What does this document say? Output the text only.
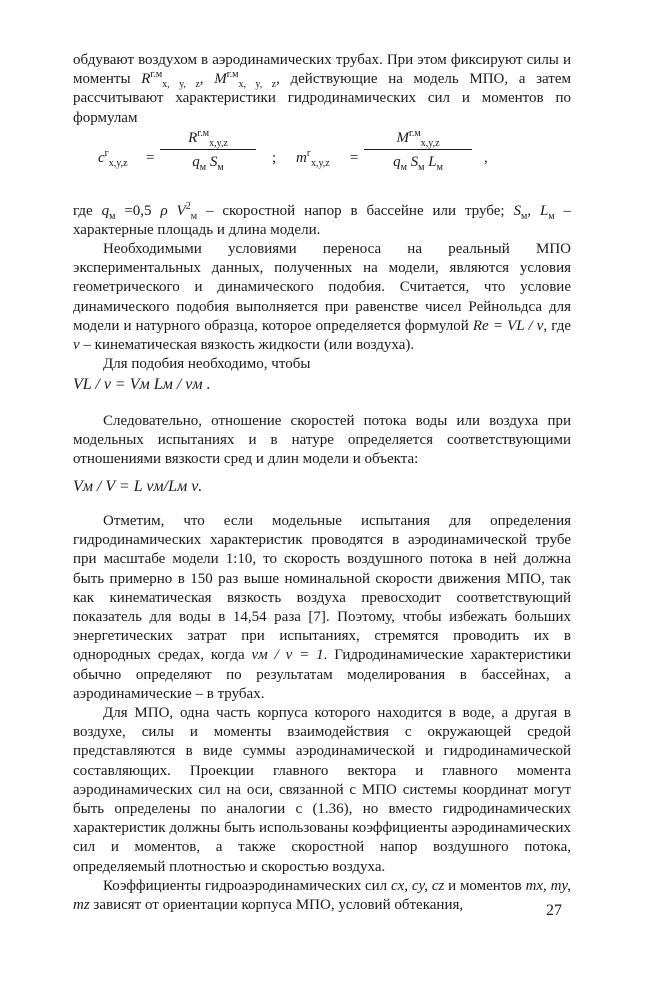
обдувают воздухом в аэродинамических трубах. При этом фиксируют силы и моменты $R^{г.м}_{x, y, z}$, $M^{г.м}_{x, y, z}$, действующие на модель МПО, а затем рассчитывают характеристики гидродинамических сил и моментов по формулам

$c^г_{x,y,z}$ =
$R^{г.м}_{x,y,z}$
$q_м$ $S_м$
; $m^г_{x,y,z}$ =
$M^{г.м}_{x,y,z}$
$q_м$ $S_м$ $L_м$
,

где $q_м =0,5$ ρ $V^2_м$ – скоростной напор в бассейне или трубе; $S_м$, $L_м$ – характерные площадь и длина модели.

Необходимыми условиями переноса на реальный МПО экспериментальных данных, полученных на модели, являются условия геометрического и динамического подобия. Считается, что условие динамического подобия выполняется при равенстве чисел Рейнольдса для модели и натурного образца, которое определяется формулой Re = VL / ν, где ν – кинематическая вязкость жидкости (или воздуха).

Для подобия необходимо, чтобы

VL / ν = Vм Lм / νм .

Следовательно, отношение скоростей потока воды или воздуха при модельных испытаниях и в натуре определяется соответствующими отношениями вязкости сред и длин модели и объекта:

Vм / V = L νм/Lм ν.

Отметим, что если модельные испытания для определения гидродинамических характеристик проводятся в аэродинамической трубе при масштабе модели 1:10, то скорость воздушного потока в ней должна быть примерно в 150 раз выше номинальной скорости движения МПО, так как кинематическая вязкость воздуха превосходит соответствующий показатель для воды в 14,54 раза [7]. Поэтому, чтобы избежать больших энергетических затрат при испытаниях, стремятся проводить их в однородных средах, когда νм / ν = 1. Гидродинамические характеристики обычно определяют по результатам моделирования в бассейнах, а аэродинамические – в трубах.

Для МПО, одна часть корпуса которого находится в воде, а другая в воздухе, силы и моменты взаимодействия с окружающей средой представляются в виде суммы аэродинамической и гидродинамической составляющих. Проекции главного вектора и главного момента аэродинамических сил на оси, связанной с МПО системы координат могут быть определены по аналогии с (1.36), но вместо гидродинамических характеристик должны быть использованы коэффициенты аэродинамических сил и моментов, а также скоростной напор воздушного потока, определяемый плотностью и скоростью воздуха.

Коэффициенты гидроаэродинамических сил cx, cy, cz и моментов mx, my, mz зависят от ориентации корпуса МПО, условий обтекания,	27
